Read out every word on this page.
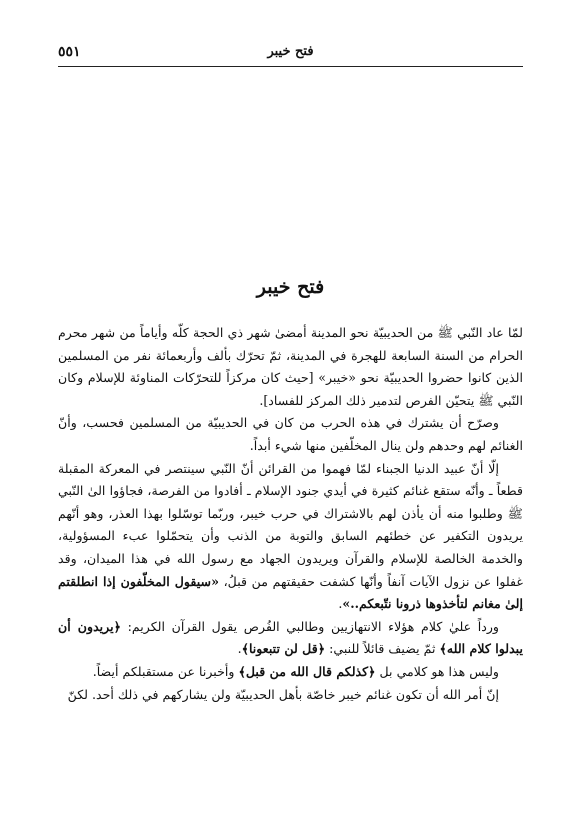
٥٥١	فتح خيبر
فتح خيبر

لمّا عاد النّبي ﷺ من الحديبيّة نحو المدينة أمضىٰ شهر ذي الحجة كلّه وأياماً من شهر محرم الحرام من السنة السابعة للهجرة في المدينة، ثمّ تحرّك بألف وأربعمائة نفر من المسلمين الذين كانوا حضروا الحديبيّة نحو «خيبر» [حيث كان مركزاً للتحرّكات المناوئة للإسلام وكان النّبي ﷺ يتحيّن الفرص لتدمير ذلك المركز للفساد].

وصرّح أن يشترك في هذه الحرب من كان في الحديبيّة من المسلمين فحسب، وأنّ الغنائم لهم وحدهم ولن ينال المخلّفين منها شيء أبداً.

إلّا أنّ عبيد الدنيا الجبناء لمّا فهموا من القرائن أنّ النّبي سينتصر في المعركة المقبلة قطعاً ـ وأنّه ستقع غنائم كثيرة في أيدي جنود الإسلام ـ أفادوا من الفرصة، فجاؤوا الىٰ النّبي ﷺ وطلبوا منه أن يأذن لهم بالاشتراك في حرب خيبر، وربّما توسّلوا بهذا العذر، وهو أنّهم يريدون التكفير عن خطئهم السابق والتوبة من الذنب وأن يتحمّلوا عبء المسؤولية، والخدمة الخالصة للإسلام والقرآن ويريدون الجهاد مع رسول الله في هذا الميدان، وقد غفلوا عن نزول الآيات آنفاً وأنّها كشفت حقيقتهم من قبلُ، «سيقول المخلّفون إذا انطلقتم إلىٰ مغانم لتأخذوها ذرونا نتّبعكم..».

ورداً عليٰ كلام هؤلاء الانتهازيين وطالبي الفُرص يقول القرآن الكريم: ﴿يريدون أن يبدلوا كلام الله﴾ ثمّ يضيف قائلاً للنبي: ﴿قل لن تتبعونا﴾.

وليس هذا هو كلامي بل ﴿كذلكم قال الله من قبل﴾ وأخبرنا عن مستقبلكم أيضاً.

إنّ أمر الله أن تكون غنائم خيبر خاصّة بأهل الحديبيّة ولن يشاركهم في ذلك أحد. لكنّ
